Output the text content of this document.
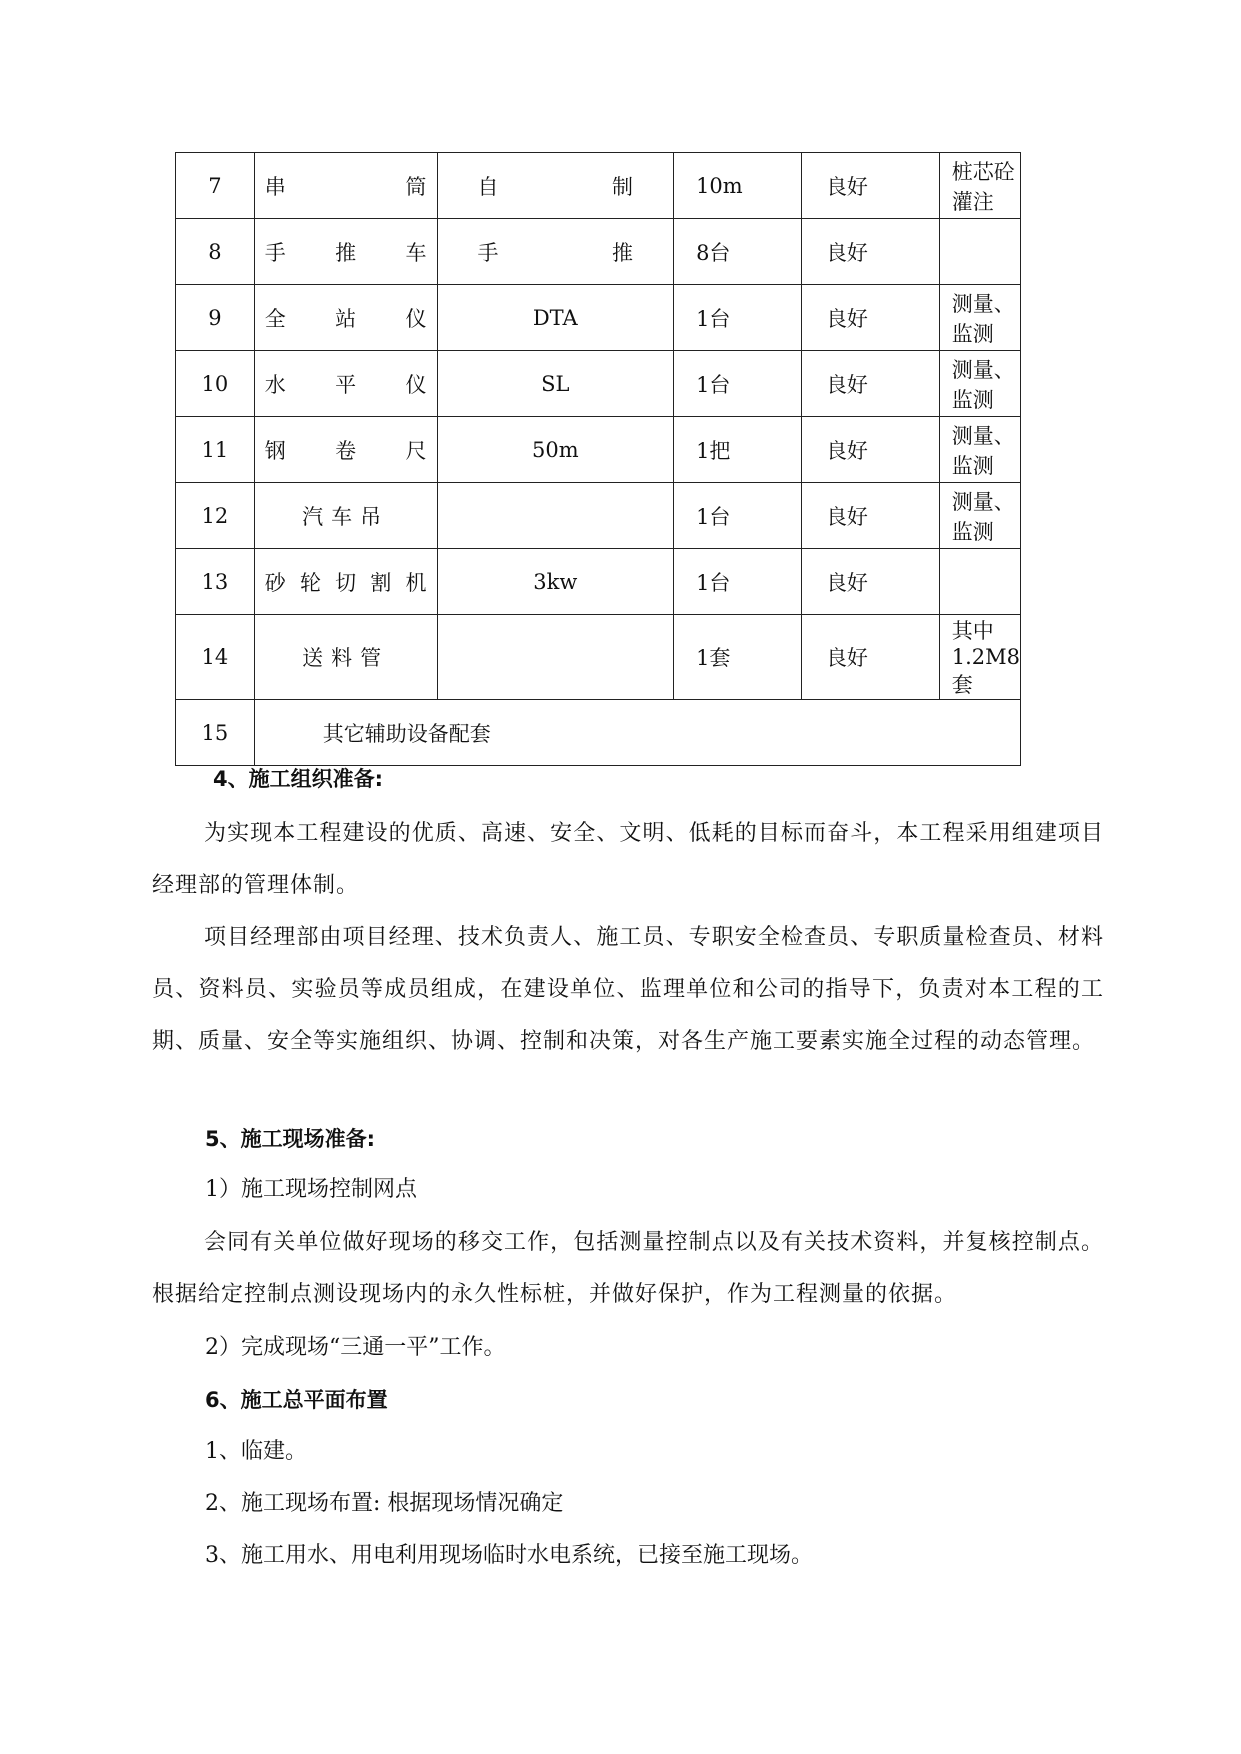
7	串筒	自制	10m	良好	桩芯砼灌注
8	手推车	手推	8台	良好	
9	全站仪	DTA	1台	良好	测量、监测
10	水平仪	SL	1台	良好	测量、监测
11	钢卷尺	50m	1把	良好	测量、监测
12	汽车吊		1台	良好	测量、监测
13	砂轮切割机	3kw	1台	良好	
14	送料管		1套	良好	其中 1.2M8 套
15	其它辅助设备配套				
4、施工组织准备:
为实现本工程建设的优质、高速、安全、文明、低耗的目标而奋斗，本工程采用组建项目经理部的管理体制。
项目经理部由项目经理、技术负责人、施工员、专职安全检查员、专职质量检查员、材料员、资料员、实验员等成员组成，在建设单位、监理单位和公司的指导下，负责对本工程的工期、质量、安全等实施组织、协调、控制和决策，对各生产施工要素实施全过程的动态管理。
5、施工现场准备:
1）施工现场控制网点
会同有关单位做好现场的移交工作，包括测量控制点以及有关技术资料，并复核控制点。根据给定控制点测设现场内的永久性标桩，并做好保护，作为工程测量的依据。
2）完成现场“三通一平”工作。
6、施工总平面布置
1、临建。
2、施工现场布置: 根据现场情况确定
3、施工用水、用电利用现场临时水电系统，已接至施工现场。
